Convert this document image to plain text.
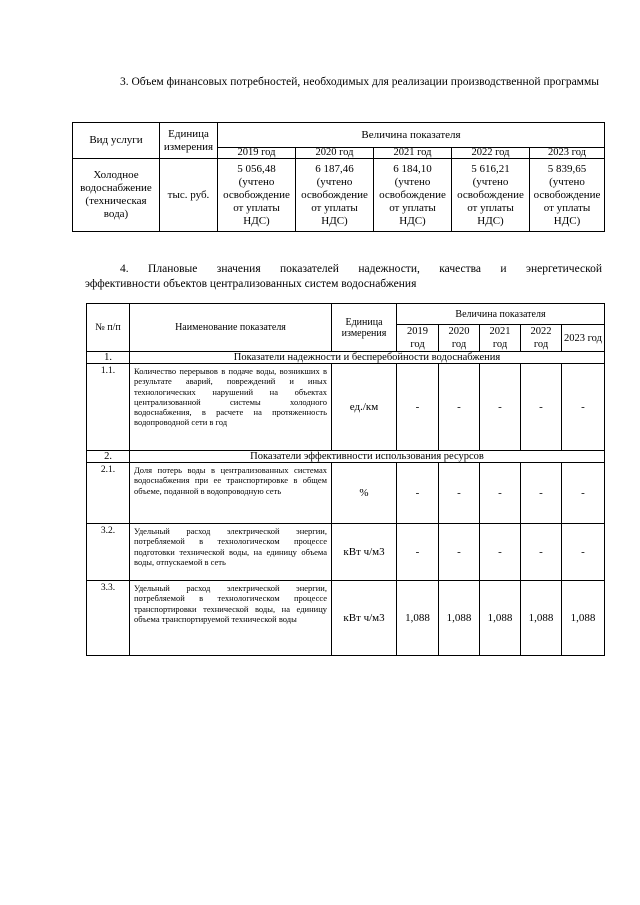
3. Объем финансовых потребностей, необходимых для реализации производственной программы

Вид услуги	Единица измерения	Величина показателя				
		2019 год	2020 год	2021 год	2022 год	2023 год
Холодное водоснабжение (техническая вода)	тыс. руб.	5 056,48 (учтено освобождение от уплаты НДС)	6 187,46 (учтено освобождение от уплаты НДС)	6 184,10 (учтено освобождение от уплаты НДС)	5 616,21 (учтено освобождение от уплаты НДС)	5 839,65 (учтено освобождение от уплаты НДС)

4. Плановые значения показателей надежности, качества и энергетической
эффективности объектов централизованных систем водоснабжения

№ п/п	Наименование показателя	Единица измерения	Величина показателя				
			2019 год	2020 год	2021 год	2022 год	2023 год
1.	Показатели надежности и бесперебойности водоснабжения						
1.1.	Количество перерывов в подаче воды, возникших в результате аварий, повреждений и иных технологических нарушений на объектах централизованной системы холодного водоснабжения, в расчете на протяженность водопроводной сети в год	ед./км	-	-	-	-	-
2.	Показатели эффективности использования ресурсов						
2.1.	Доля потерь воды в централизованных системах водоснабжения при ее транспортировке в общем объеме, поданной в водопроводную сеть	%	-	-	-	-	-
3.2.	Удельный расход электрической энергии, потребляемой в технологическом процессе подготовки технической воды, на единицу объема воды, отпускаемой в сеть	кВт ч/м3	-	-	-	-	-
3.3.	Удельный расход электрической энергии, потребляемой в технологическом процессе транспортировки технической воды, на единицу объема транспортируемой технической воды	кВт ч/м3	1,088	1,088	1,088	1,088	1,088
